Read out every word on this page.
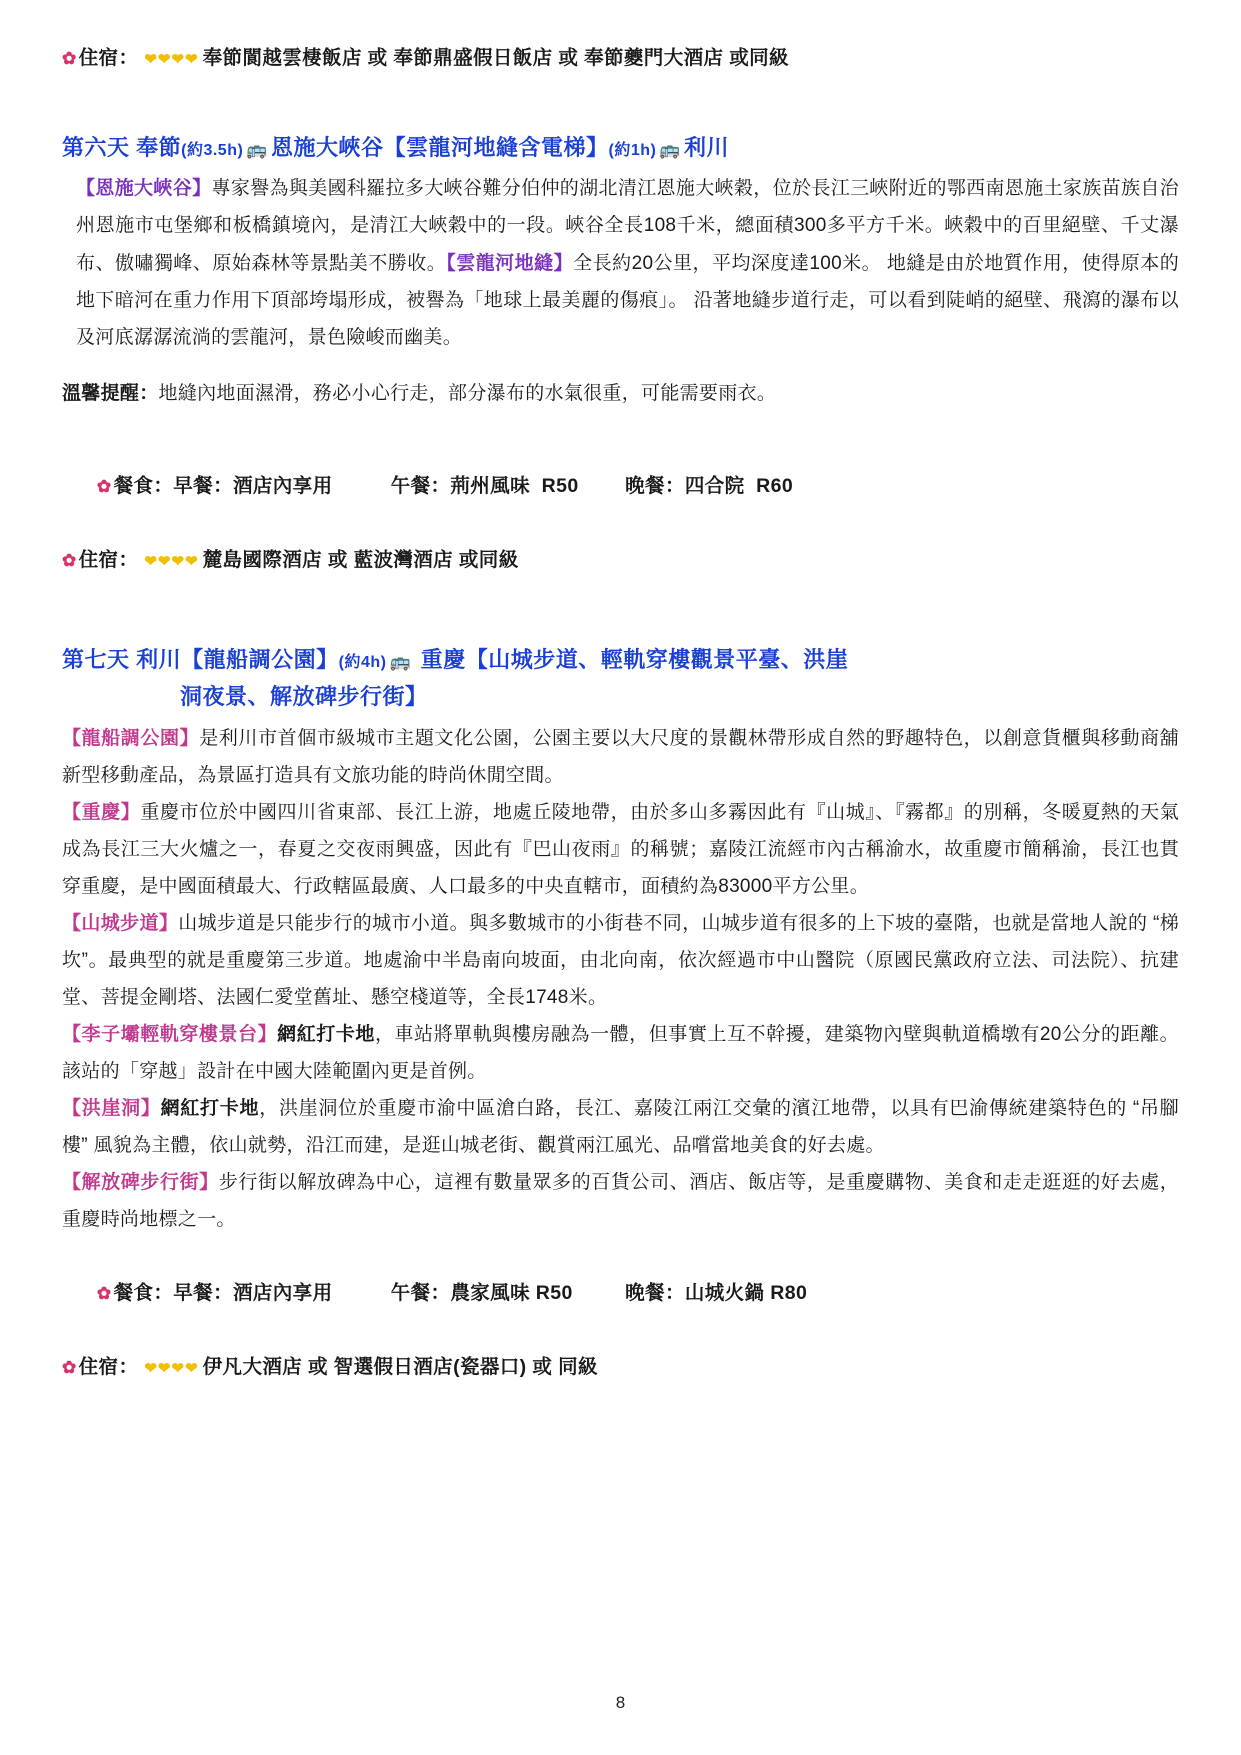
✿ 住宿： ❤❤❤❤ 奉節閬越雲棲飯店 或 奉節鼎盛假日飯店 或 奉節夔門大酒店 或同級
第六天 奉節(約3.5h) 🚌 恩施大峽谷【雲龍河地縫含電梯】(約1h) 🚌 利川

【恩施大峽谷】專家譽為與美國科羅拉多大峽谷難分伯仲的湖北清江恩施大峽穀，位於長江三峽附近的鄂西南恩施土家族苗族自治州恩施市屯堡鄉和板橋鎮境內，是清江大峽穀中的一段。峽谷全長108千米，總面積300多平方千米。峽穀中的百里絕壁、千丈瀑布、傲嘯獨峰、原始森林等景點美不勝收。【雲龍河地縫】全長約20公里，平均深度達100米。 地縫是由於地質作用，使得原本的地下暗河在重力作用下頂部垮塌形成，被譽為「地球上最美麗的傷痕」。 沿著地縫步道行走，可以看到陡峭的絕壁、飛瀉的瀑布以及河底潺潺流淌的雲龍河，景色險峻而幽美。

溫馨提醒：地縫內地面濕滑，務必小心行走，部分瀑布的水氣很重，可能需要雨衣。

✿ 餐食：早餐：酒店內享用	午餐：荊州風味  R50 晚餐：四合院  R60

✿ 住宿： ❤❤❤❤ 麓島國際酒店 或 藍波灣酒店 或同級
第七天 利川【龍船調公園】(約4h) 🚌 重慶【山城步道、輕軌穿樓觀景平臺、洪崖
洞夜景、解放碑步行街】

【龍船調公園】是利川市首個市級城市主題文化公園，公園主要以大尺度的景觀林帶形成自然的野趣特色，以創意貨櫃與移動商舖新型移動產品，為景區打造具有文旅功能的時尚休閒空間。

【重慶】重慶市位於中國四川省東部、長江上游，地處丘陵地帶，由於多山多霧因此有『山城』、『霧都』的別稱，冬暖夏熱的天氣成為長江三大火爐之一，春夏之交夜雨興盛，因此有『巴山夜雨』的稱號；嘉陵江流經市內古稱渝水，故重慶市簡稱渝，長江也貫穿重慶，是中國面積最大、行政轄區最廣、人口最多的中央直轄市，面積約為83000平方公里。

【山城步道】山城步道是只能步行的城市小道。與多數城市的小街巷不同，山城步道有很多的上下坡的臺階，也就是當地人說的 “梯坎”。最典型的就是重慶第三步道。地處渝中半島南向坡面，由北向南，依次經過市中山醫院（原國民黨政府立法、司法院）、抗建堂、菩提金剛塔、法國仁愛堂舊址、懸空棧道等，全長1748米。

【李子壩輕軌穿樓景台】網紅打卡地，車站將單軌與樓房融為一體，但事實上互不幹擾，建築物內壁與軌道橋墩有20公分的距離。該站的「穿越」設計在中國大陸範圍內更是首例。

【洪崖洞】網紅打卡地，洪崖洞位於重慶市渝中區滄白路，長江、嘉陵江兩江交彙的濱江地帶，以具有巴渝傳統建築特色的 “吊腳樓” 風貌為主體，依山就勢，沿江而建，是逛山城老街、觀賞兩江風光、品嚐當地美食的好去處。

【解放碑步行街】步行街以解放碑為中心，這裡有數量眾多的百貨公司、酒店、飯店等，是重慶購物、美食和走走逛逛的好去處，重慶時尚地標之一。

✿ 餐食：早餐：酒店內享用	午餐：農家風味 R50	晚餐：山城火鍋 R80

✿ 住宿： ❤❤❤❤ 伊凡大酒店 或 智選假日酒店(瓷器口) 或 同級
8
